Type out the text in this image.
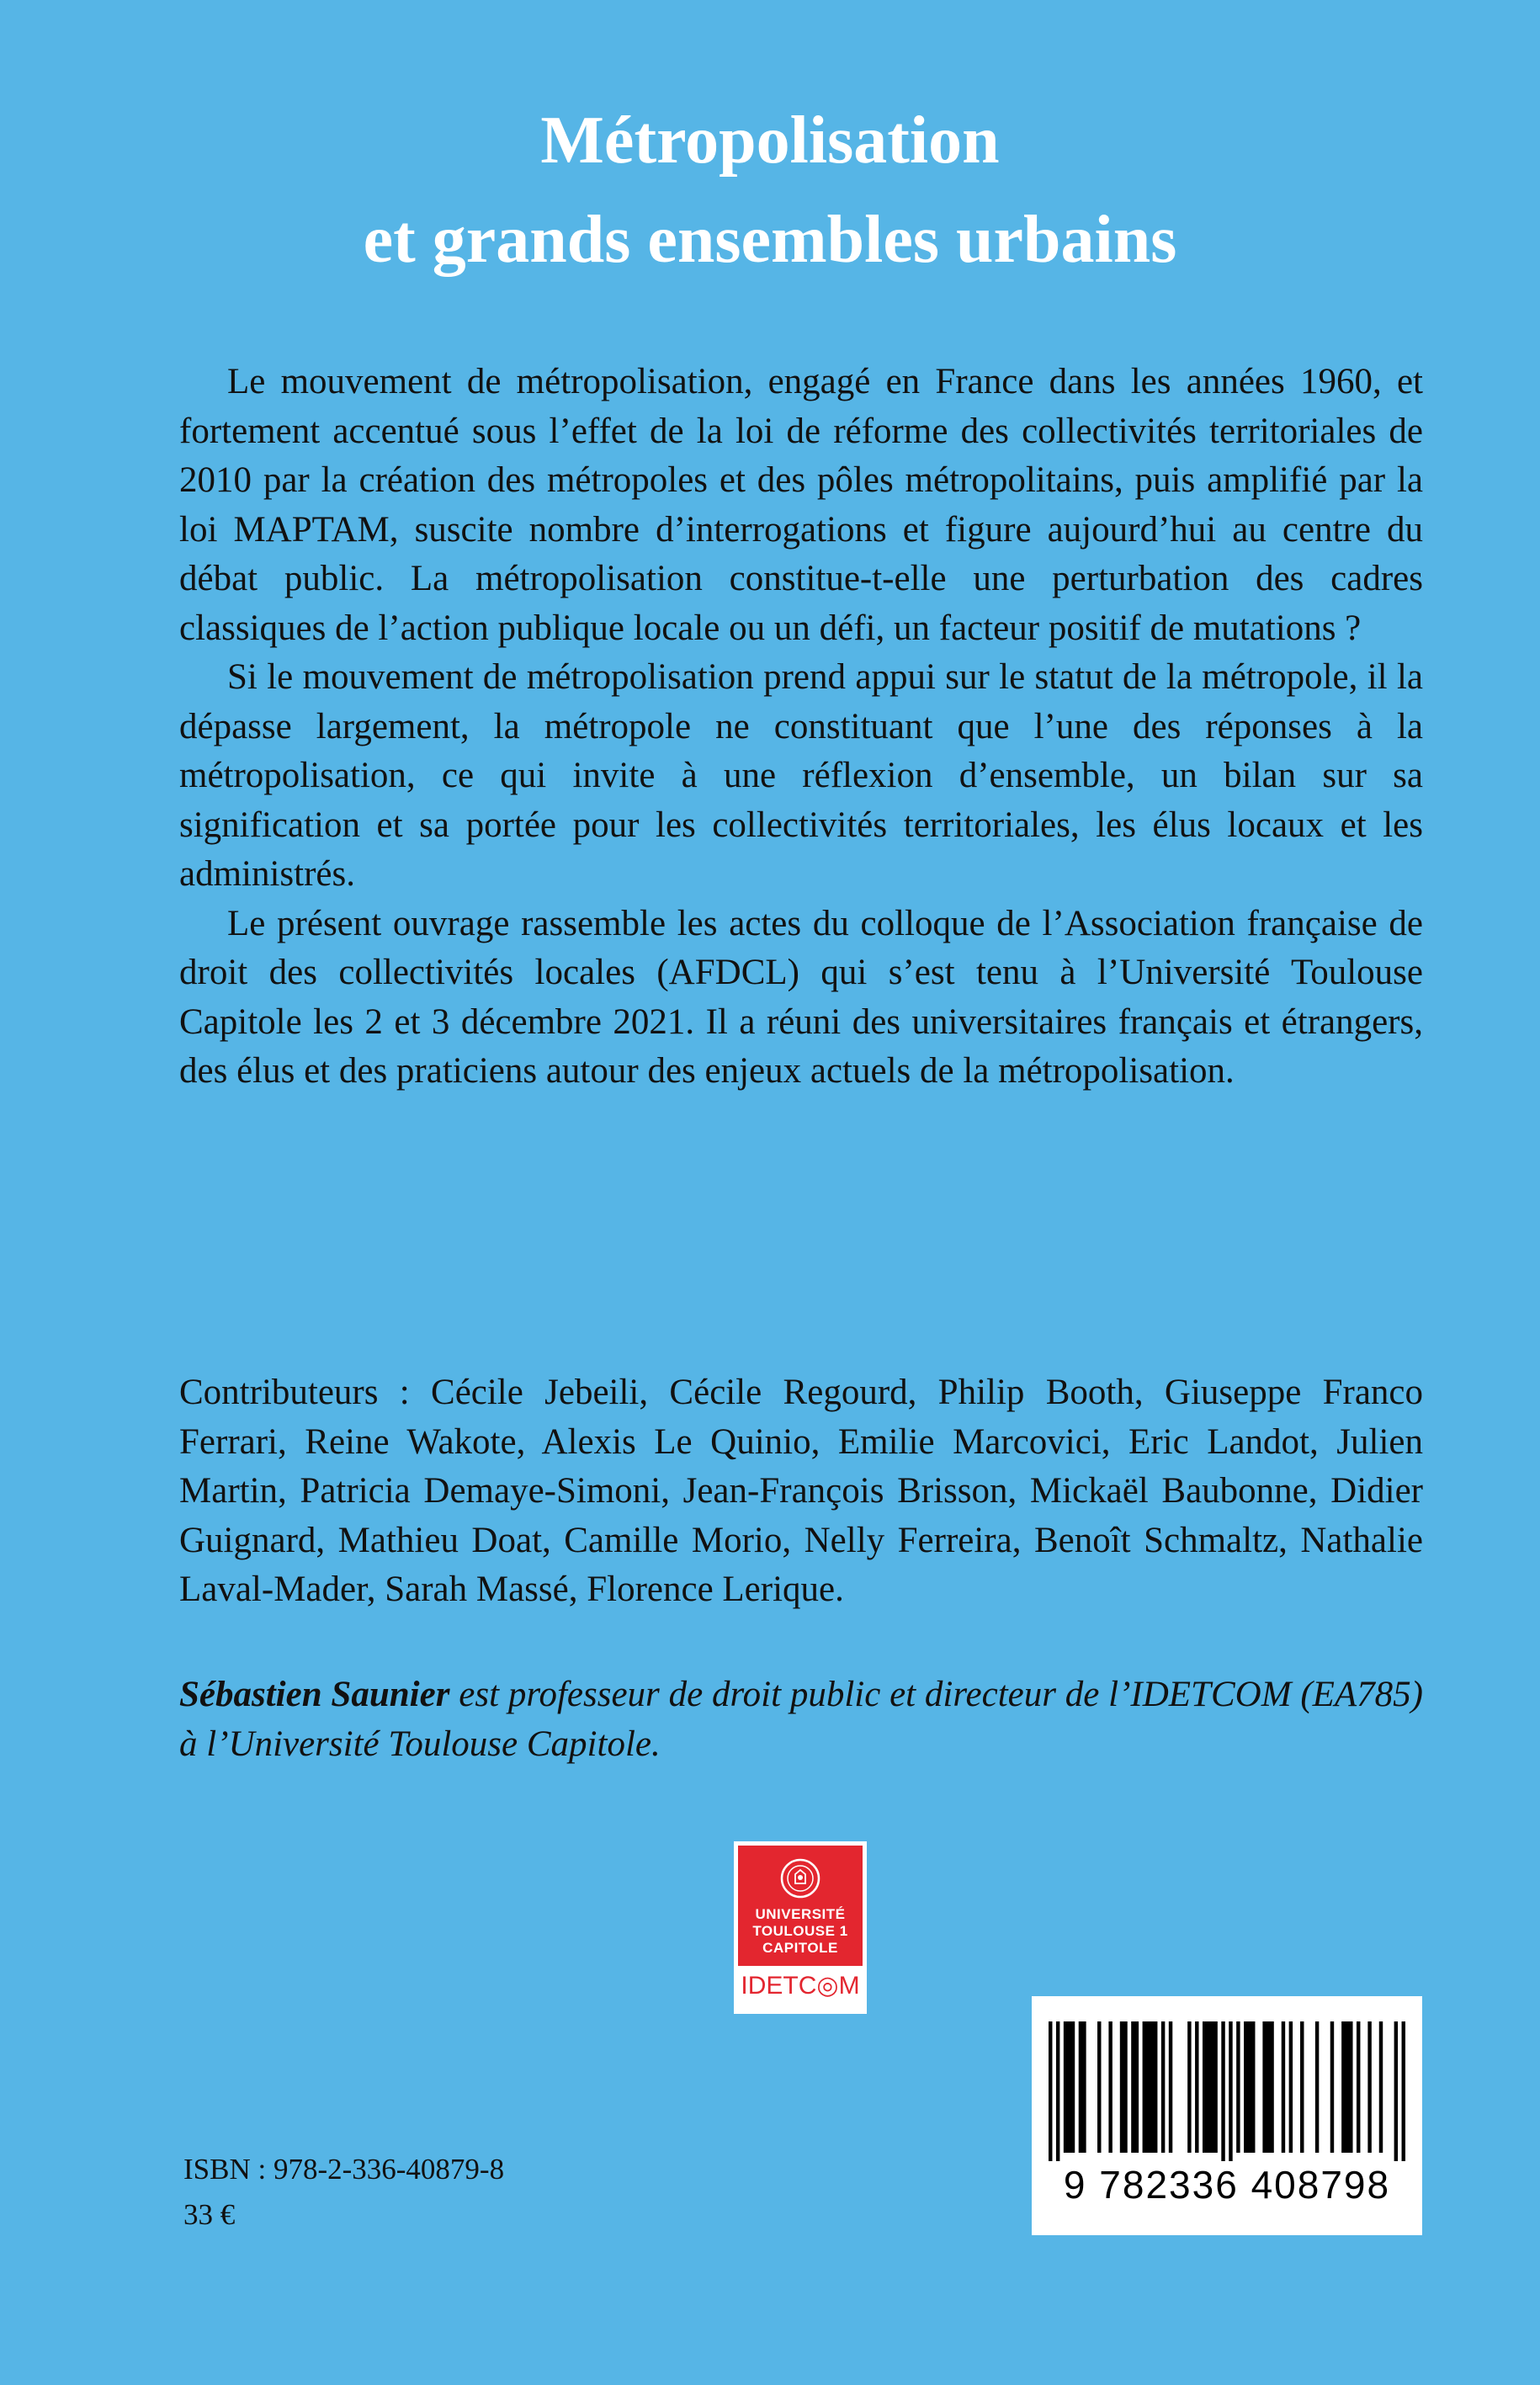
Métropolisation
et grands ensembles urbains

Le mouvement de métropolisation, engagé en France dans les années 1960, et fortement accentué sous l’effet de la loi de réforme des collectivités territoriales de 2010 par la création des métropoles et des pôles métropolitains, puis amplifié par la loi MAPTAM, suscite nombre d’interrogations et figure aujourd’hui au centre du débat public. La métropolisation constitue-t-elle une perturbation des cadres classiques de l’action publique locale ou un défi, un facteur positif de mutations ?

Si le mouvement de métropolisation prend appui sur le statut de la métropole, il la dépasse largement, la métropole ne constituant que l’une des réponses à la métropolisation, ce qui invite à une réflexion d’ensemble, un bilan sur sa signification et sa portée pour les collectivités territoriales, les élus locaux et les administrés.

Le présent ouvrage rassemble les actes du colloque de l’Association française de droit des collectivités locales (AFDCL) qui s’est tenu à l’Université Toulouse Capitole les 2 et 3 décembre 2021. Il a réuni des universitaires français et étrangers, des élus et des praticiens autour des enjeux actuels de la métropolisation.

Contributeurs : Cécile Jebeili, Cécile Regourd, Philip Booth, Giuseppe Franco Ferrari, Reine Wakote, Alexis Le Quinio, Emilie Marcovici, Eric Landot, Julien Martin, Patricia Demaye-Simoni, Jean-François Brisson, Mickaël Baubonne, Didier Guignard, Mathieu Doat, Camille Morio, Nelly Ferreira, Benoît Schmaltz, Nathalie Laval-Mader, Sarah Massé, Florence Lerique.

Sébastien Saunier est professeur de droit public et directeur de l’IDETCOM (EA785) à l’Université Toulouse Capitole.

UNIVERSITÉ
TOULOUSE 1
CAPITOLE
IDETC◎M
ISBN : 978-2-336-40879-8
33 €
9 782336 408798
